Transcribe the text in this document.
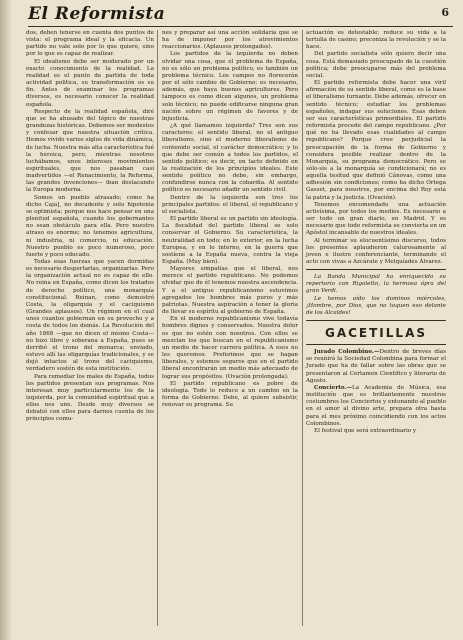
El Reformista	6

dos, deben tenerse en cuenta dos puntos de vista: el programa ideal y la eficacia. Un partido no vale solo por lo que quiere, sino por lo que es capaz de realizar.

El idealismo debe ser moderado por un exacto conocimiento de la realidad. La realidad es el punto de partida de toda actividad politica, su transformación es su fin. Antes de examinar los programas diversos, es necesario conocer la realidad española.

Respecto de la realidad española, diré que se ha abusado del tópico de nuestras grandezas históricas. Debemos ser modestos y confesar que nuestra situación crítica. Hemos vivido varios siglos de vida dinámica, de lucha. Nuestra más alta característica fué la heroica, pero, mientras nosotros luchábamos, unos intereses movimientos espirituales, que nos pasaban casi inadvertidos —el Renacimiento, la Reforma, las grandes invenciones— iban destacando la Europa moderna.

Somos un pueblo atrasado; como ha dicho Caja], no decadente y solo hipotenia se optimista; porque nos hace pensar en una plenitud española, cuando los gobernantes no sean obstáculo para ella. Pero nuestro atraso es enorme; no tenemos agricultura, ni industria, ni comercio, ni educación. Nuestro pueblo es poco numeroso, poco fuerte y poco educado.

Todas esas fuerzas que yacen dormidas es necesario despertarlas, organizarlas. Pero la organización actual no es capaz de ello. No reina en España, como dicen los tratados de derecho político, una monarquía constitucional. Reinan, como demostró Costa, la oligarquía y el caciquismo (Grandes aplausos). Un régimen en el cual unos cuantos gobiernan en su provecho y a costa de todos los demás. La Revolución del año 1868 —que no dicen el mismo Costa— no hizo libre y soberana a España, pues se derribó el trono del monarca; enviado, estuvo allí las oligarquías tradicionales, y se dejó intactos al trono del caciquismo, verdadero sostén de esta institución.

Para remediar los males de España, todos los partidos presentan sus programas. Nos interesan muy particularmente los de la izquierda, por la comunidad espiritual que a ellos nos une. Desde muy diversos se debatió con ellos para darnos cuenta de los principios comu-

nes y preparar así una acción solidaria que se ha de imponer por los atrevimientos reaccionarios. (Aplausos prolongados).

Los partidos de la izquierda no deben olvidar una cosa, que el problema de España, no es sólo un problema político, es también un problema técnico. Los campos no florecerán por el sólo cambio de Gobierno: es necesario, además, que haya buenos agricultores. Pero tampoco es como dicen algunos, un problema solo técnico; no puede edificarse ninguna gran nación sobre un régimen de favores y de injusticia.

¿A qué llamamos izquierda? Tres son sus caracteres: el sentido liberal, no el antiguo liberalismo, sino el moderno liberalismo de contenido social, el carácter democrático; y lo que debe ser común a todos los partidos, el sentido político; es decir, un tacto definido en la realización de los principios ideales. Este sentido político no debe, sin embargo, confundirse nunca con la cobardía. Al sentido político es necesario añadir un sentido civil.

Dentro de la izquierda son tres los principales partidos: el liberal, el republicano y el socialista.

El partido liberal es un partido sin ideología. La fiscalidad del partido liberal se solo conservar el Gobierno. Su característica, la neutralidad en todo; en lo exterior, en la lucha Europea, y en lo interno, en la guerra que sostiene a la España nueva, contra la vieja España. (Muy bien).

Mayores simpatías que el liberal, nos merece el partido republicano. No podemos olvidar que de él tenemos nuestra ascendencia. Y a el antiguo republicanismo estuvimos agregados los hombres más puros y más patriotas. Nuestra aspiración a tener la gloria de llevar su espíritu al gobierno de España.

En el moderno republicanismo vive todavía hombres dignos y conservados. Nuestra dolor es que no estén con nosotros. Con ellos se mezclan los que buscan en el republicanismo un medio de hacer carrera política. A esos no les queremos. Preferimos que se hagan liberales, y estemos seguros que en el partido liberal encontrarán un medio más adecuado de lograr sus propósitos. (Ovación prolongada).

El partido republicano es pobre de ideología. Todo lo reduce a un cambio en la forma de Gobierno. Debe, al quiere subsistir, renovar su programa. Su

actuación es detestable; reduce su vida a la tertulia de casino; preconiza la revolución y se la hace.

Del partido socialista sólo quiero decir una cosa. Está demasiado preocupado de la cuestión política; debe preocuparse más del problema social.

El partido reformista debe hacer una viril afirmación de su sentido liberal, como es la base el liberalismo turnante. Debe además, ofrecer en sentido técnico; estudiar los problemas españoles, indagar sus soluciones. Esas deben ser sus características primordiales. El partido reformista procede del campo republicano. ¿Por qué no ha llevado esas cualidades al campo republicano? Porque cree perjudicial la preocupación de la forma de Gobierno y considera posible realizar dentro de la Monarquía, su programa democrático. Pero se sólo-sis a la monarquía se condicionará; no es aquella tesitud que definió Cánovas, como una adhesión sin condiciones; como ha dicho Ortega Gasset, para nosotros, por encima del Rey está la patria y la justicia. (Ovación).

Tenemos encomendado una actuación activísima, por todos los medios. Es necesario a ser todo un gran diario, en Madrid. Y es necesario que todo reformista se convierta en un Apóstol incansable de nuestros ideales.

Al terminar su elocuentísimo discurso, todos los presentes aplaudieron calurosamente al joven e ilustre conferenciante, terminando el acto con vivas a Azcárate y Melquíades Álvarez.

La Banda Municipal ha enriquecido su repertorio con Rigoletto, la hermosa ópra del gran Verdi.

Le hemos oído los dominos miércoles, ¡Hombre, por Dios, que no toquen eso delante de los Alcaldes!

GACETILLAS

Jurado Colombino.—Dentro de breves días se reunirá la Sociedad Colombina para formar el Jurado que ha de fallar sobre las obras que se presentaron al Certamen Científico y literario de Agosto.

Concierto.—La Academia de Música, esa institución que es brillantemente nuestros costumbres los Conciertos y entonando al pueblo en el amor al divino arte, prepara otra hasta para el mes próximo coincidiendo con los actos Colombinos.

El festival que será extraordinario y
